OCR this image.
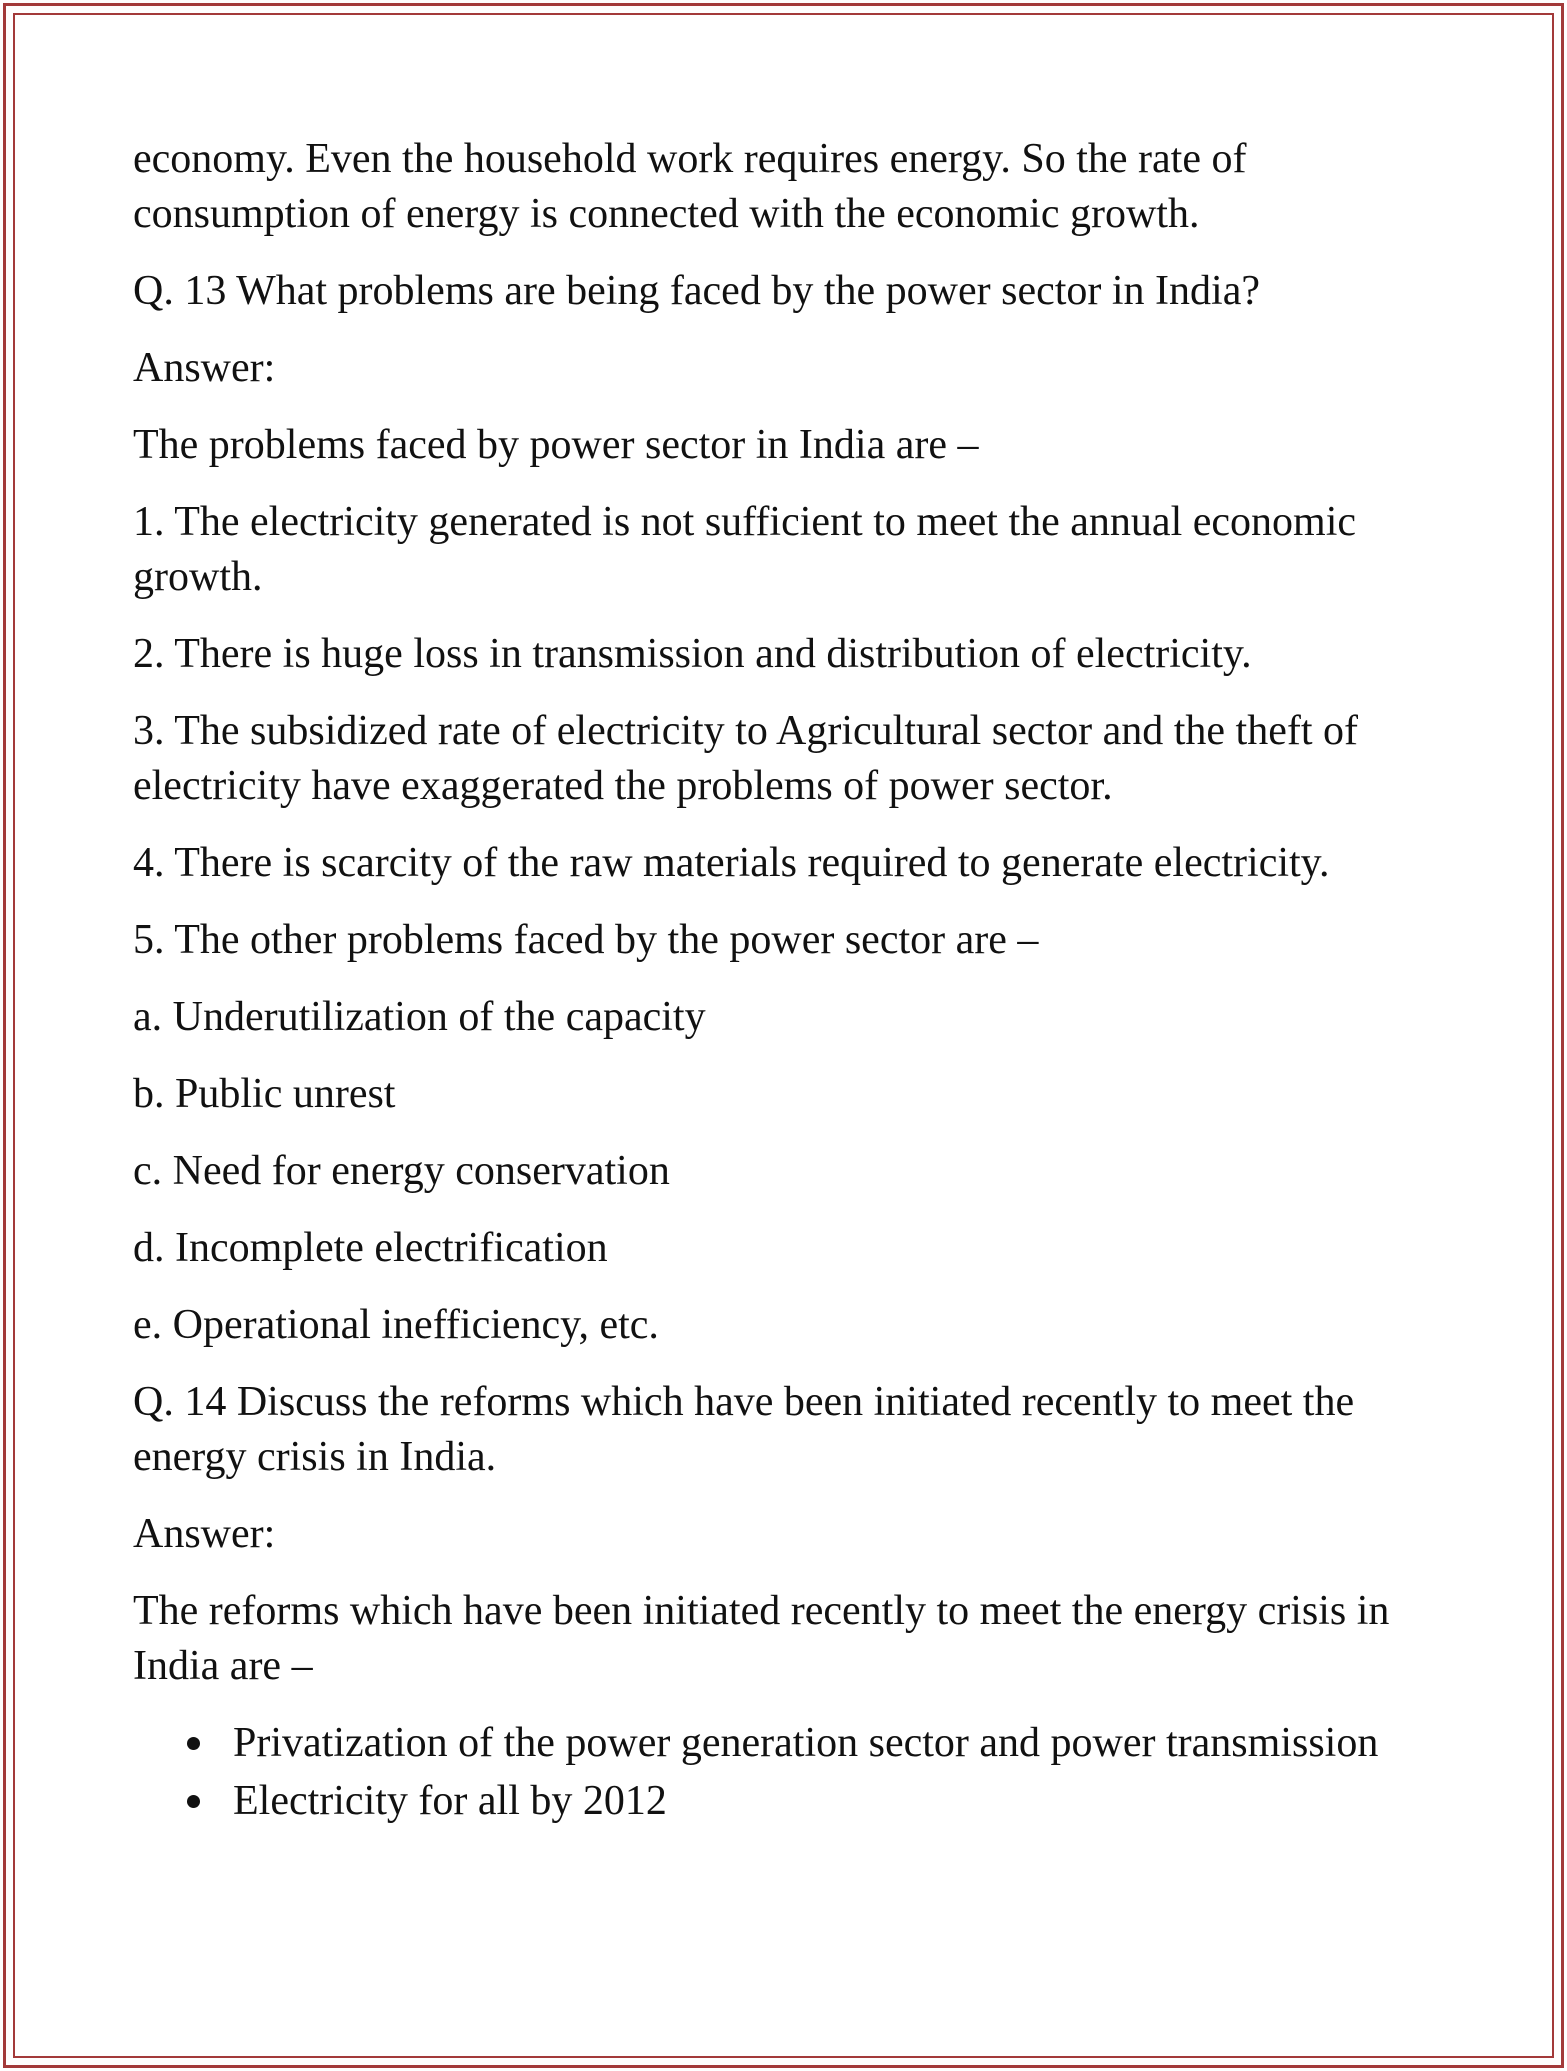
economy. Even the household work requires energy. So the rate of consumption of energy is connected with the economic growth.

Q. 13 What problems are being faced by the power sector in India?

Answer:

The problems faced by power sector in India are –

1. The electricity generated is not sufficient to meet the annual economic growth.

2. There is huge loss in transmission and distribution of electricity.

3. The subsidized rate of electricity to Agricultural sector and the theft of electricity have exaggerated the problems of power sector.

4. There is scarcity of the raw materials required to generate electricity.

5. The other problems faced by the power sector are –

a. Underutilization of the capacity

b. Public unrest

c. Need for energy conservation

d. Incomplete electrification

e. Operational inefficiency, etc.

Q. 14 Discuss the reforms which have been initiated recently to meet the energy crisis in India.

Answer:

The reforms which have been initiated recently to meet the energy crisis in India are –

Privatization of the power generation sector and power transmission
Electricity for all by 2012
